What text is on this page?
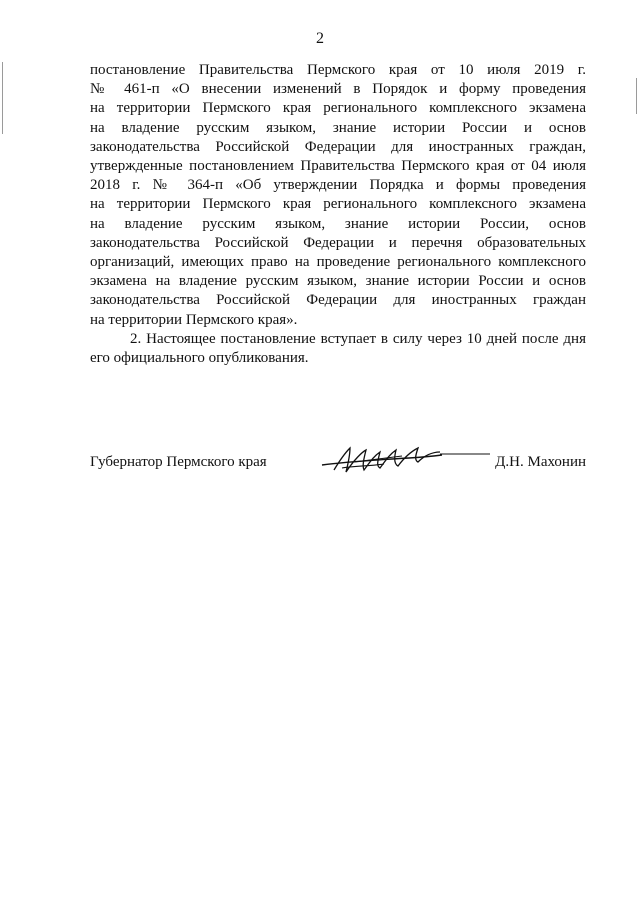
2

постановление Правительства Пермского края от 10 июля 2019 г.
№ 461-п «О внесении изменений в Порядок и форму проведения
на территории Пермского края регионального комплексного экзамена
на владение русским языком, знание истории России и основ
законодательства Российской Федерации для иностранных граждан,
утвержденные постановлением Правительства Пермского края от 04 июля
2018 г. № 364-п «Об утверждении Порядка и формы проведения
на территории Пермского края регионального комплексного экзамена
на владение русским языком, знание истории России, основ
законодательства Российской Федерации и перечня образовательных
организаций, имеющих право на проведение регионального комплексного
экзамена на владение русским языком, знание истории России и основ
законодательства Российской Федерации для иностранных граждан
на территории Пермского края».

2. Настоящее постановление вступает в силу через 10 дней после дня
его официального опубликования.

Губернатор Пермского края	Д.Н. Махонин
